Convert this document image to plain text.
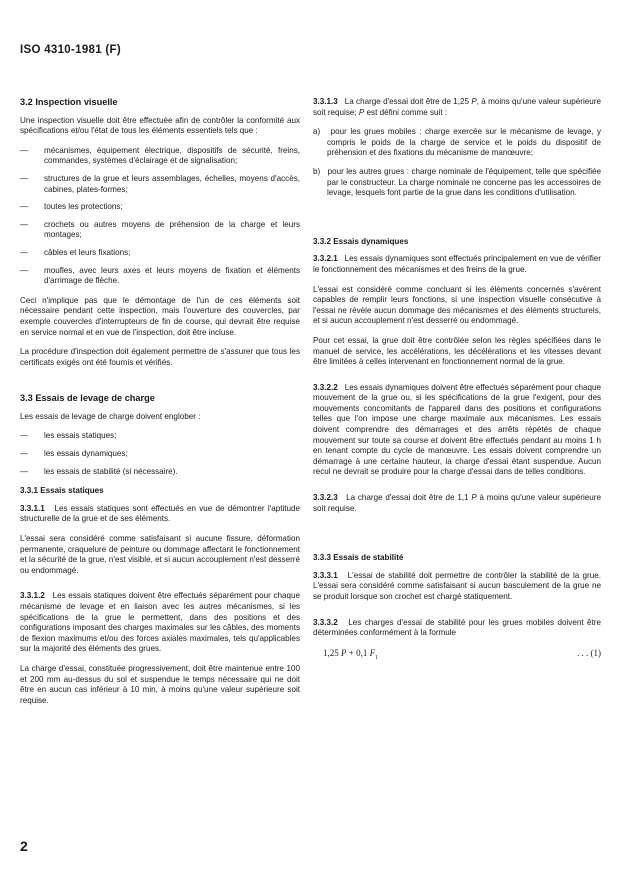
ISO 4310-1981 (F)
3.2 Inspection visuelle

Une inspection visuelle doit être effectuée afin de contrôler la conformité aux spécifications et/ou l'état de tous les éléments essentiels tels que :

— mécanismes, équipement électrique, dispositifs de sécurité, freins, commandes, systèmes d'éclairage et de signalisation;
— structures de la grue et leurs assemblages, échelles, moyens d'accès, cabines, plates-formes;
— toutes les protections;
— crochets ou autres moyens de préhension de la charge et leurs montages;
— câbles et leurs fixations;
— moufles, avec leurs axes et leurs moyens de fixation et éléments d'arrimage de flèche.

Ceci n'implique pas que le démontage de l'un de ces éléments soit nécessaire pendant cette inspection, mais l'ouverture des couvercles, par exemple couvercles d'interrupteurs de fin de course, qui devrait être requise en service normal et en vue de l'inspection, doit être incluse.

La procédure d'inspection doit également permettre de s'assurer que tous les certificats exigés ont été fournis et vérifiés.

3.3 Essais de levage de charge

Les essais de levage de charge doivent englober :

— les essais statiques;
— les essais dynamiques;
— les essais de stabilité (si nécessaire).
3.3.1 Essais statiques

3.3.1.1 Les essais statiques sont effectués en vue de démontrer l'aptitude structurelle de la grue et de ses éléments.

L'essai sera considéré comme satisfaisant si aucune fissure, déformation permanente, craquelure de peinture ou dommage affectant le fonctionnement et la sécurité de la grue, n'est visible, et si aucun accouplement n'est desserré ou endommagé.

3.3.1.2 Les essais statiques doivent être effectués séparément pour chaque mécanisme de levage et en liaison avec les autres mécanismes, si les spécifications de la grue le permettent, dans des positions et des configurations imposant des charges maximales sur les câbles, des moments de flexion maximums et/ou des forces axiales maximales, tels qu'applicables sur la majorité des éléments des grues.

La charge d'essai, constituée progressivement, doit être maintenue entre 100 et 200 mm au-dessus du sol et suspendue le temps nécessaire qui ne doit être en aucun cas inférieur à 10 min, à moins qu'une valeur supérieure soit requise.

3.3.1.3 La charge d'essai doit être de 1,25 P, à moins qu'une valeur supérieure soit requise; P est défini comme suit :

a) pour les grues mobiles : charge exercée sur le mécanisme de levage, y compris le poids de la charge de service et le poids du dispositif de préhension et des fixations du mécanisme de manœuvre;
b) pour les autres grues : charge nominale de l'équipement, telle que spécifiée par le constructeur. La charge nominale ne concerne pas les accessoires de levage, lesquels font partie de la grue dans les conditions d'utilisation.
3.3.2 Essais dynamiques

3.3.2.1 Les essais dynamiques sont effectués principalement en vue de vérifier le fonctionnement des mécanismes et des freins de la grue.

L'essai est considéré comme concluant si les éléments concernés s'avèrent capables de remplir leurs fonctions, si une inspection visuelle consécutive à l'essai ne révèle aucun dommage des mécanismes et des éléments structurels, et si aucun accouplement n'est desserré ou endommagé.

Pour cet essai, la grue doit être contrôlée selon les règles spécifiées dans le manuel de service, les accélérations, les décélérations et les vitesses devant être limitées à celles intervenant en fonctionnement normal de la grue.

3.3.2.2 Les essais dynamiques doivent être effectués séparément pour chaque mouvement de la grue ou, si les spécifications de la grue l'exigent, pour des mouvements concomitants de l'appareil dans des positions et configurations telles que l'on impose une charge maximale aux mécanismes. Les essais doivent comprendre des démarrages et des arrêts répétés de chaque mouvement sur toute sa course et doivent être effectués pendant au moins 1 h en tenant compte du cycle de manœuvre. Les essais doivent comprendre un démarrage à une certaine hauteur, la charge d'essai étant suspendue. Aucun recul ne devrait se produire pour la charge d'essai dans de telles conditions.

3.3.2.3 La charge d'essai doit être de 1,1 P à moins qu'une valeur supérieure soit requise.

3.3.3 Essais de stabilité

3.3.3.1 L'essai de stabilité doit permettre de contrôler la stabilité de la grue. L'essai sera considéré comme satisfaisant si aucun basculement de la grue ne se produit lorsque son crochet est chargé statiquement.

3.3.3.2 Les charges d'essai de stabilité pour les grues mobiles doivent être déterminées conformément à la formule

1,25 P + 0,1 $F_1$	. . . (1)
2
